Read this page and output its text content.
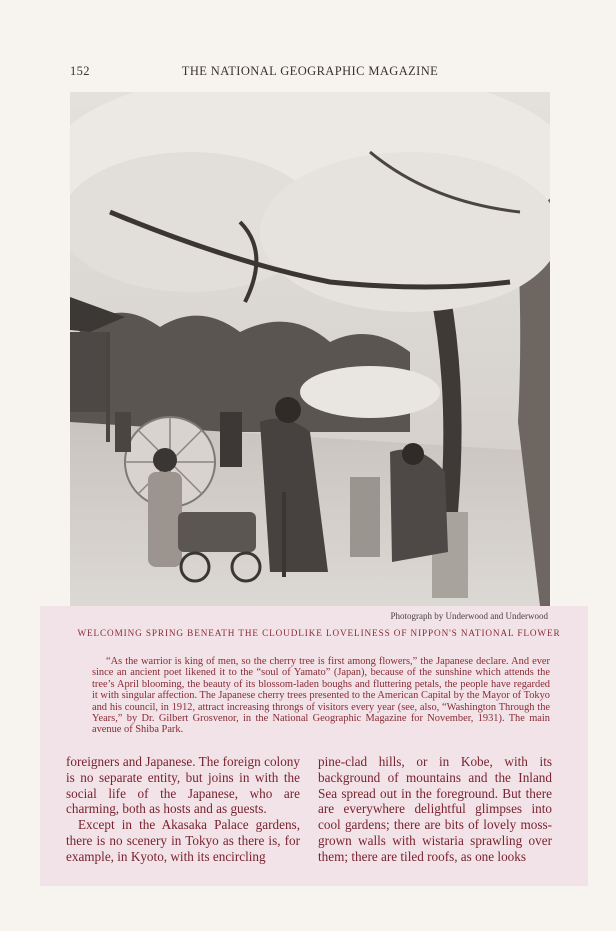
152	THE NATIONAL GEOGRAPHIC MAGAZINE
Photograph by Underwood and Underwood
WELCOMING SPRING BENEATH THE CLOUDLIKE LOVELINESS OF NIPPON'S NATIONAL FLOWER
“As the warrior is king of men, so the cherry tree is first among flowers,” the Japanese declare. And ever since an ancient poet likened it to the “soul of Yamato” (Japan), because of the sunshine which attends the tree’s April blooming, the beauty of its blossom-laden boughs and fluttering petals, the people have regarded it with singular affection. The Japanese cherry trees presented to the American Capital by the Mayor of Tokyo and his council, in 1912, attract increasing throngs of visitors every year (see, also, “Washington Through the Years,” by Dr. Gilbert Grosvenor, in the National Geographic Magazine for November, 1931). The main avenue of Shiba Park.

foreigners and Japanese. The foreign colony is no separate entity, but joins in with the social life of the Japanese, who are charming, both as hosts and as guests.

Except in the Akasaka Palace gardens, there is no scenery in Tokyo as there is, for example, in Kyoto, with its encircling

pine-clad hills, or in Kobe, with its background of mountains and the Inland Sea spread out in the foreground. But there are everywhere delightful glimpses into cool gardens; there are bits of lovely moss-grown walls with wistaria sprawling over them; there are tiled roofs, as one looks
